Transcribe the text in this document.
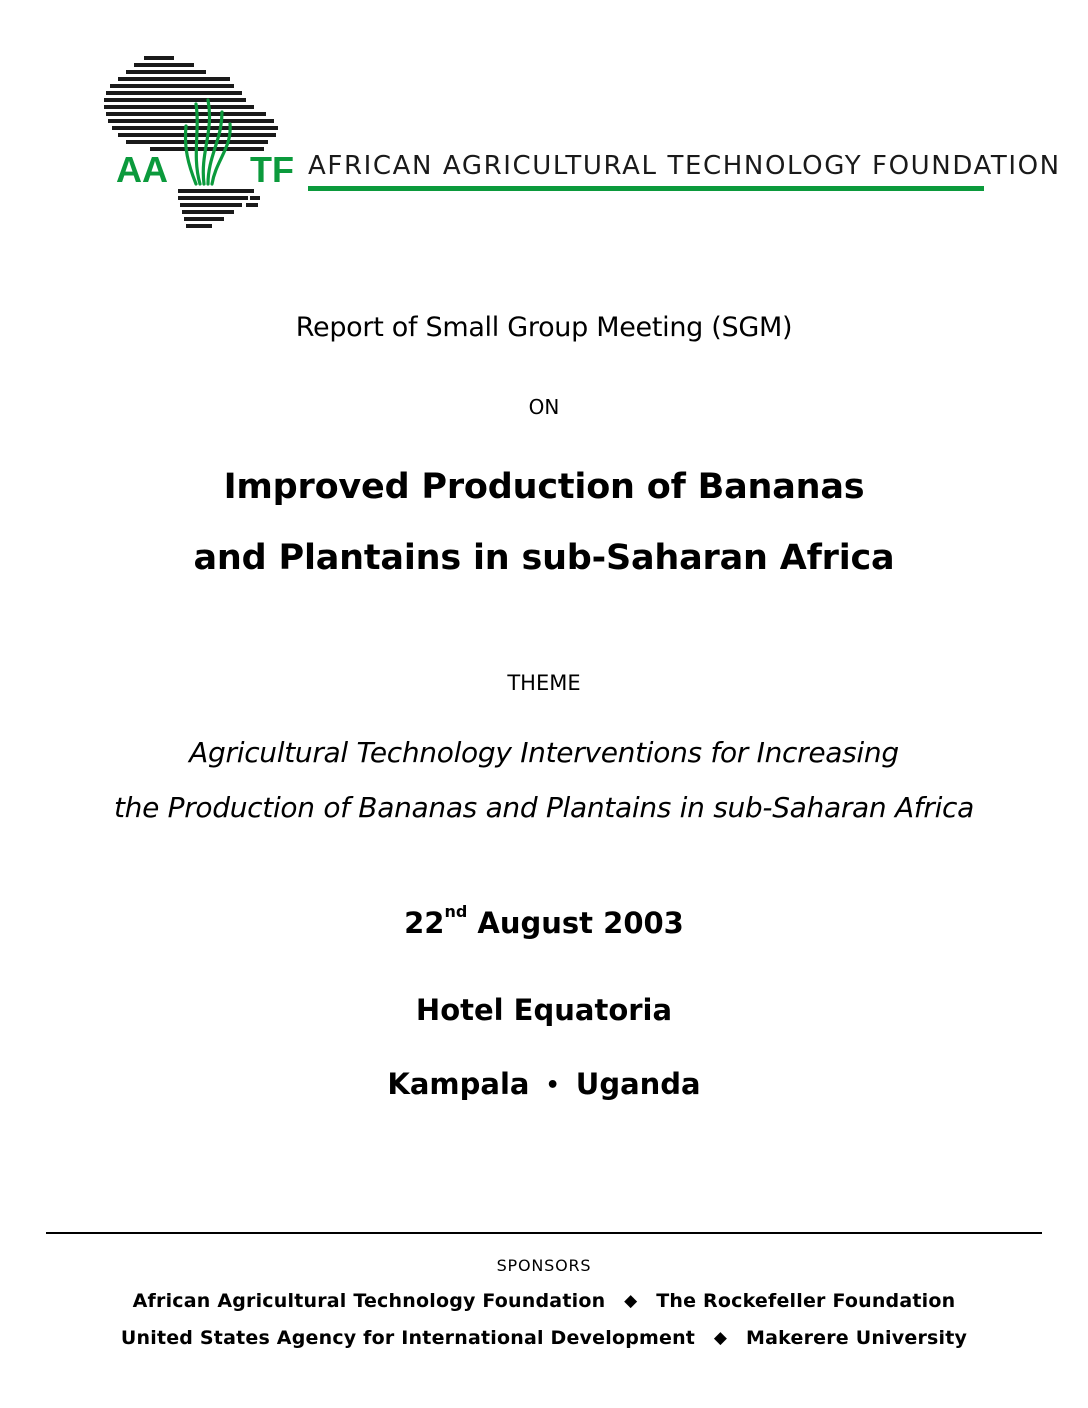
AA TF AFRICAN AGRICULTURAL TECHNOLOGY FOUNDATION
Report of Small Group Meeting (SGM)
ON
Improved Production of Bananas
and Plantains in sub-Saharan Africa
THEME
Agricultural Technology Interventions for Increasing
the Production of Bananas and Plantains in sub-Saharan Africa
22nd August 2003
Hotel Equatoria
Kampala • Uganda
SPONSORS
African Agricultural Technology Foundation ◆ The Rockefeller Foundation
United States Agency for International Development ◆ Makerere University
